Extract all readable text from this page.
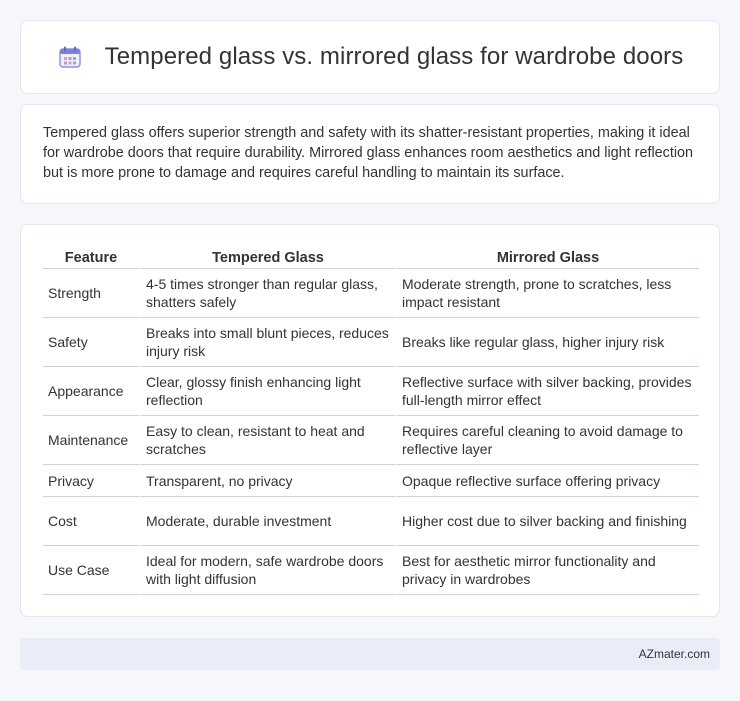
Tempered glass vs. mirrored glass for wardrobe doors

Tempered glass offers superior strength and safety with its shatter-resistant properties, making it ideal for wardrobe doors that require durability. Mirrored glass enhances room aesthetics and light reflection but is more prone to damage and requires careful handling to maintain its surface.

Feature	Tempered Glass	Mirrored Glass
Strength	4-5 times stronger than regular glass, shatters safely	Moderate strength, prone to scratches, less impact resistant
Safety	Breaks into small blunt pieces, reduces injury risk	Breaks like regular glass, higher injury risk
Appearance	Clear, glossy finish enhancing light reflection	Reflective surface with silver backing, provides full-length mirror effect
Maintenance	Easy to clean, resistant to heat and scratches	Requires careful cleaning to avoid damage to reflective layer
Privacy	Transparent, no privacy	Opaque reflective surface offering privacy
Cost	Moderate, durable investment	Higher cost due to silver backing and finishing
Use Case	Ideal for modern, safe wardrobe doors with light diffusion	Best for aesthetic mirror functionality and privacy in wardrobes
AZmater.com
